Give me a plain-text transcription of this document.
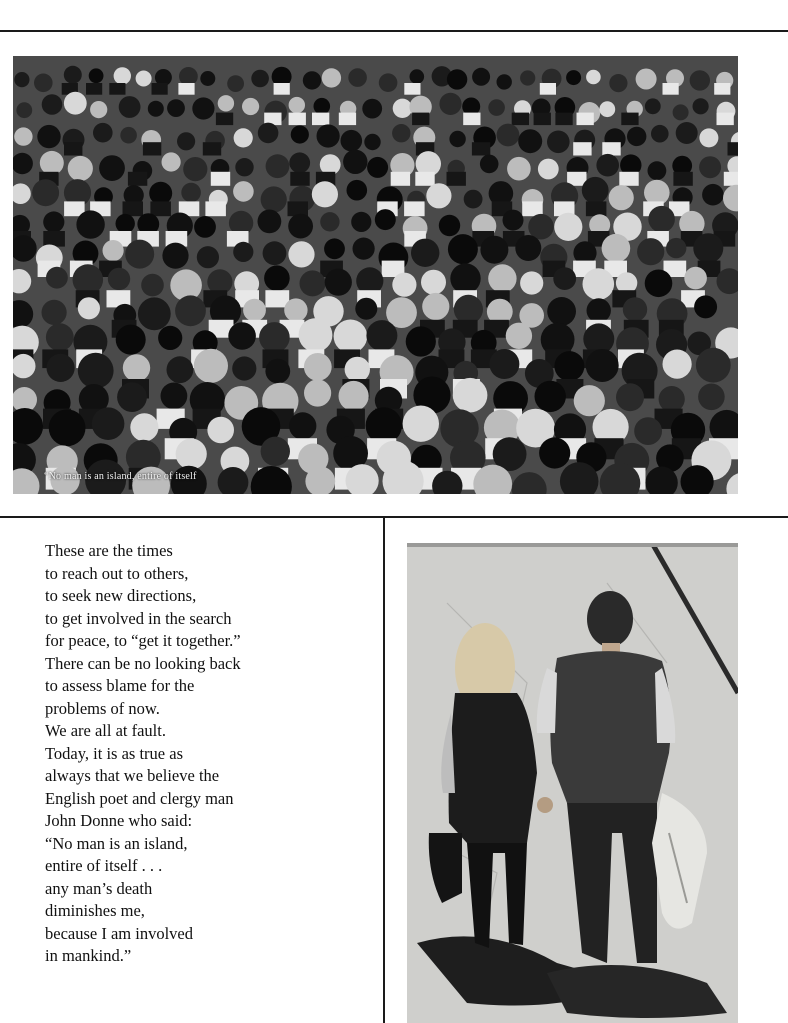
“No man is an island, entire of itself
These are the times
to reach out to others,
to seek new directions,
to get involved in the search
for peace, to “get it together.”
There can be no looking back
to assess blame for the
problems of now.
We are all at fault.
Today, it is as true as
always that we believe the
English poet and clergy man
John Donne who said:
“No man is an island,
entire of itself . . .
any man’s death
diminishes me,
because I am involved
in mankind.”
